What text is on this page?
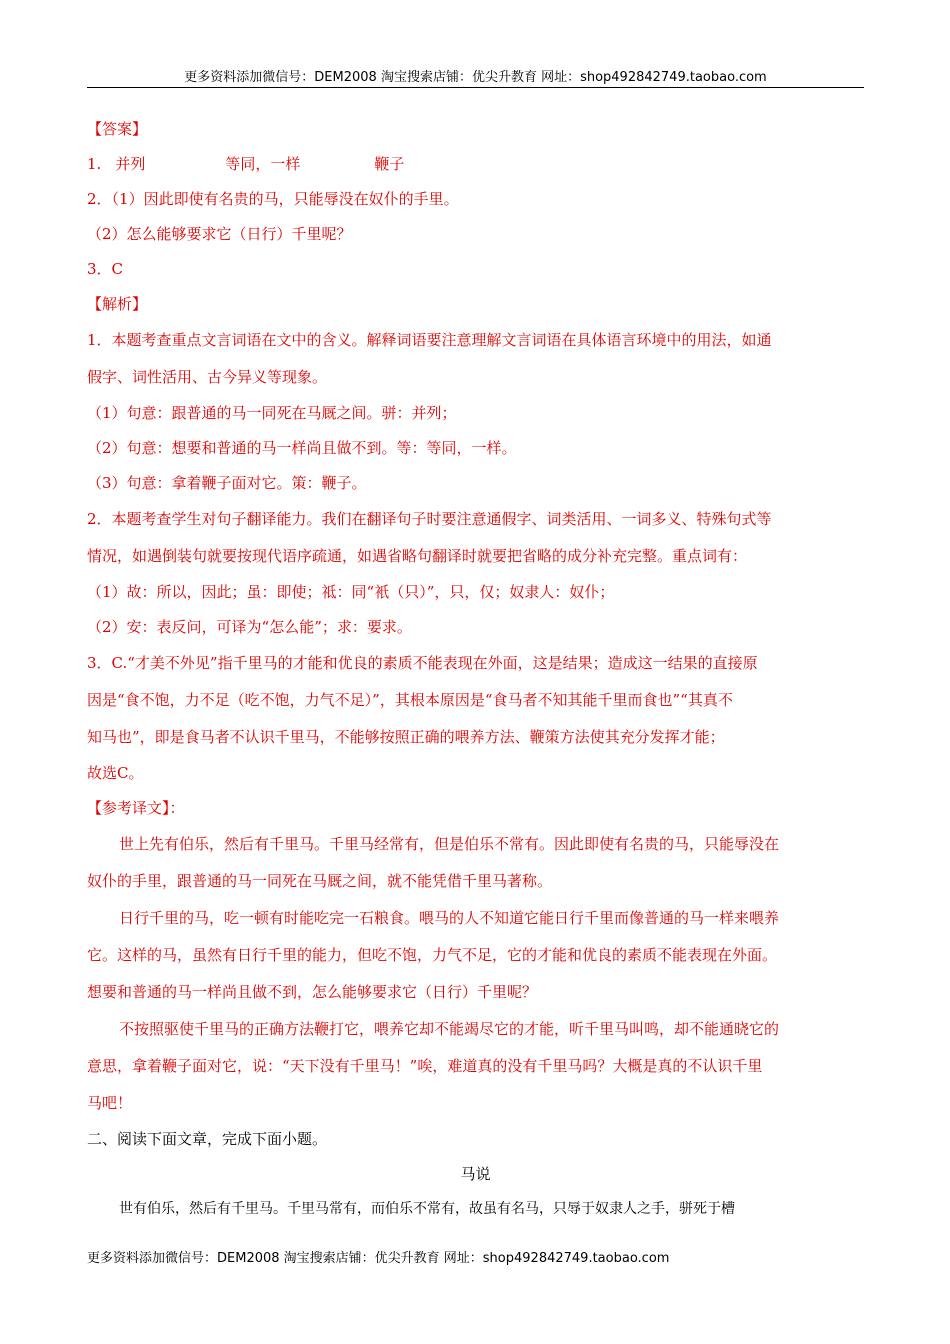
更多资料添加微信号：DEM2008 淘宝搜索店铺：优尖升教育 网址：shop492842749.taobao.com
【答案】
1. 并列	等同，一样	鞭子
2．（1）因此即使有名贵的马，只能辱没在奴仆的手里。
（2）怎么能够要求它（日行）千里呢？
3．C
【解析】
1．本题考查重点文言词语在文中的含义。解释词语要注意理解文言词语在具体语言环境中的用法，如通
假字、词性活用、古今异义等现象。
（1）句意：跟普通的马一同死在马厩之间。骈：并列；
（2）句意：想要和普通的马一样尚且做不到。等：等同，一样。
（3）句意：拿着鞭子面对它。策：鞭子。
2．本题考查学生对句子翻译能力。我们在翻译句子时要注意通假字、词类活用、一词多义、特殊句式等
情况，如遇倒装句就要按现代语序疏通，如遇省略句翻译时就要把省略的成分补充完整。重点词有：
（1）故：所以，因此；虽：即使；祗：同“衹（只）”，只，仅；奴隶人：奴仆；
（2）安：表反问，可译为“怎么能”；求：要求。
3．C.“才美不外见”指千里马的才能和优良的素质不能表现在外面，这是结果；造成这一结果的直接原
因是“食不饱，力不足（吃不饱，力气不足）”，其根本原因是“食马者不知其能千里而食也”“其真不
知马也”，即是食马者不认识千里马，不能够按照正确的喂养方法、鞭策方法使其充分发挥才能；
故选C。
【参考译文】：
世上先有伯乐，然后有千里马。千里马经常有，但是伯乐不常有。因此即使有名贵的马，只能辱没在
奴仆的手里，跟普通的马一同死在马厩之间，就不能凭借千里马著称。
日行千里的马，吃一顿有时能吃完一石粮食。喂马的人不知道它能日行千里而像普通的马一样来喂养
它。这样的马，虽然有日行千里的能力，但吃不饱，力气不足，它的才能和优良的素质不能表现在外面。
想要和普通的马一样尚且做不到，怎么能够要求它（日行）千里呢？
不按照驱使千里马的正确方法鞭打它，喂养它却不能竭尽它的才能，听千里马叫鸣，却不能通晓它的
意思，拿着鞭子面对它，说：“天下没有千里马！”唉，难道真的没有千里马吗？大概是真的不认识千里
马吧！
二、阅读下面文章，完成下面小题。
马说
世有伯乐，然后有千里马。千里马常有，而伯乐不常有，故虽有名马，只辱于奴隶人之手，骈死于槽
更多资料添加微信号：DEM2008 淘宝搜索店铺：优尖升教育 网址：shop492842749.taobao.com
